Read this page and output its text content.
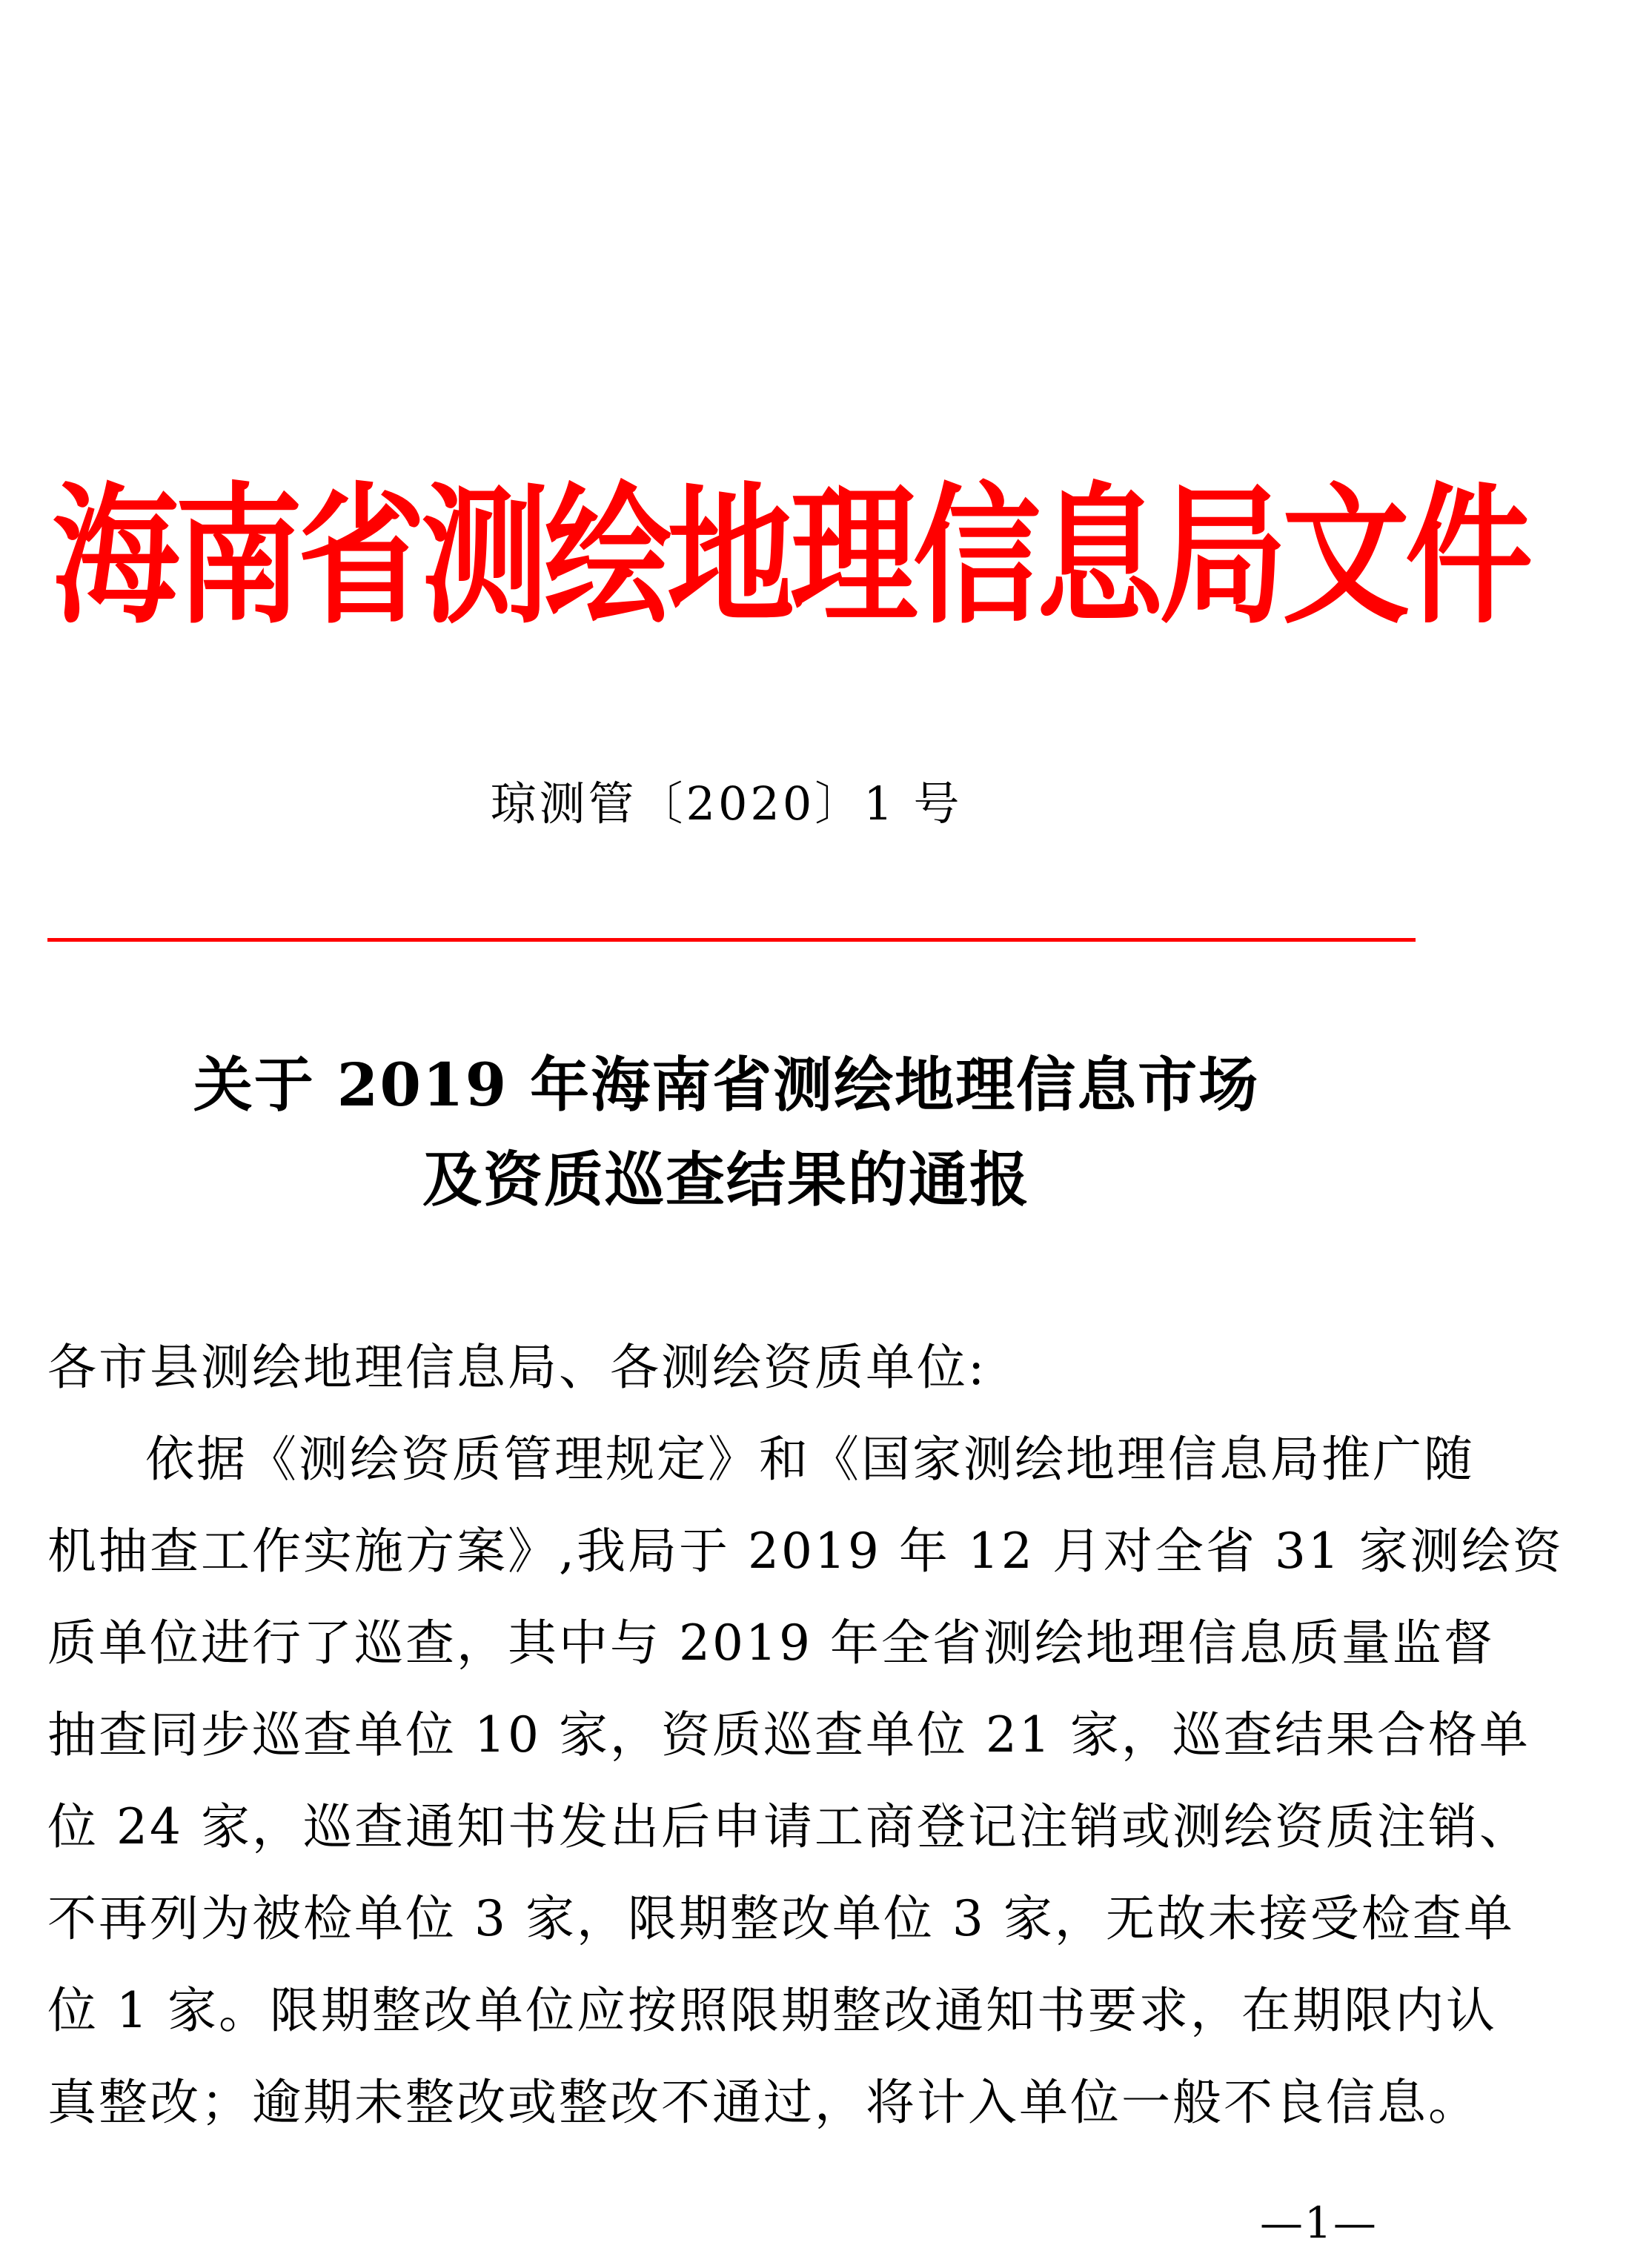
海南省测绘地理信息局文件
琼测管〔2020〕1 号
关于 2019 年海南省测绘地理信息市场
及资质巡查结果的通报

各市县测绘地理信息局、各测绘资质单位:

依据《测绘资质管理规定》和《国家测绘地理信息局推广随
机抽查工作实施方案》,我局于 2019 年 12 月对全省 31 家测绘资
质单位进行了巡查，其中与 2019 年全省测绘地理信息质量监督
抽查同步巡查单位 10 家，资质巡查单位 21 家，巡查结果合格单
位 24 家，巡查通知书发出后申请工商登记注销或测绘资质注销、
不再列为被检单位 3 家，限期整改单位 3 家，无故未接受检查单
位 1 家。限期整改单位应按照限期整改通知书要求，在期限内认
真整改；逾期未整改或整改不通过，将计入单位一般不良信息。
—1—
